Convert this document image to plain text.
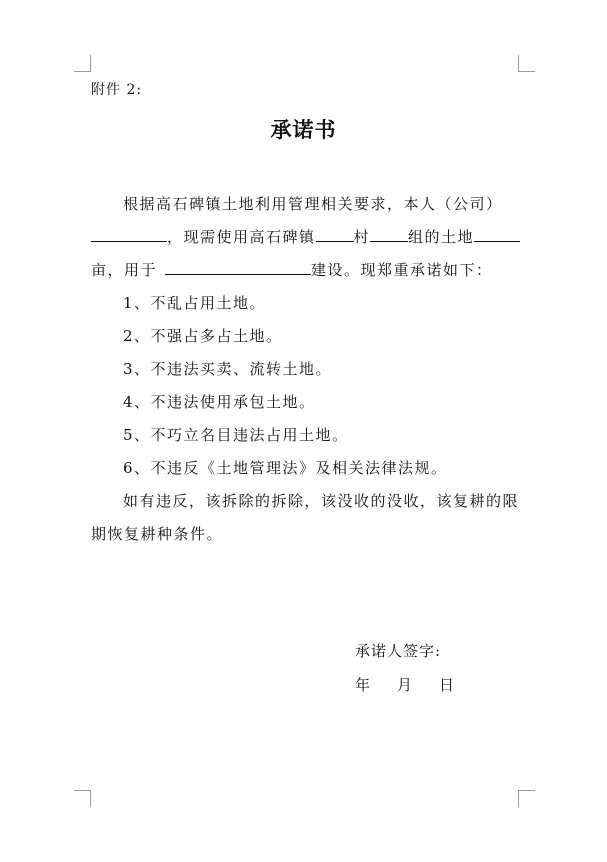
附件 2:

承诺书

根据高石碑镇土地利用管理相关要求，本人（公司），现需使用高石碑镇	村	组的土地亩，用于	建设。现郑重承诺如下：

1、不乱占用土地。

2、不强占多占土地。

3、不违法买卖、流转土地。

4、不违法使用承包土地。

5、不巧立名目违法占用土地。

6、不违反《土地管理法》及相关法律法规。

如有违反，该拆除的拆除，该没收的没收，该复耕的限期恢复耕种条件。

承诺人签字:

年 月 日
